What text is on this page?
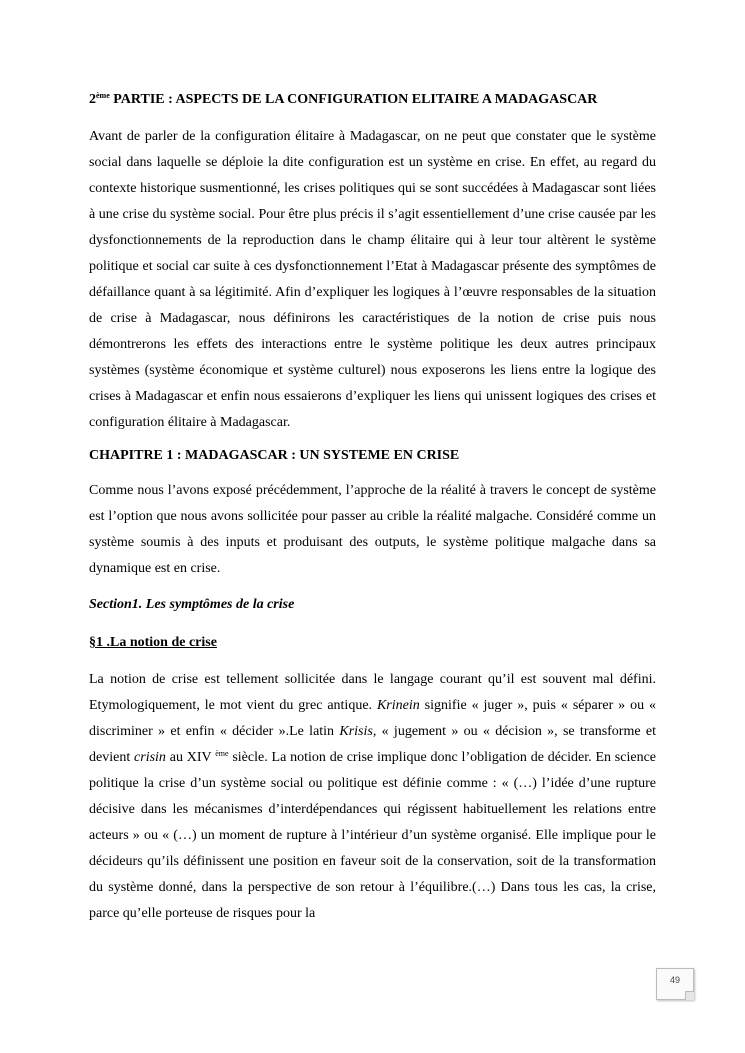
2ème PARTIE : ASPECTS DE LA CONFIGURATION ELITAIRE A MADAGASCAR

Avant de parler de la configuration élitaire à Madagascar, on ne peut que constater que le système social dans laquelle se déploie la dite configuration est un système en crise. En effet, au regard du contexte historique susmentionné, les crises politiques qui se sont succédées à Madagascar sont liées à une crise du système social. Pour être plus précis il s’agit essentiellement d’une crise causée par les dysfonctionnements de la reproduction dans le champ élitaire qui à leur tour altèrent le système politique et social car suite à ces dysfonctionnement l’Etat à Madagascar présente des symptômes de défaillance quant à sa légitimité. Afin d’expliquer les logiques à l’œuvre responsables de la situation de crise à Madagascar, nous définirons les caractéristiques de la notion de crise puis nous démontrerons les effets des interactions entre le système politique les deux autres principaux systèmes (système économique et système culturel) nous exposerons les liens entre la logique des crises à Madagascar et enfin nous essaierons d’expliquer les liens qui unissent logiques des crises et configuration élitaire à Madagascar.

CHAPITRE 1 : MADAGASCAR : UN SYSTEME EN CRISE

Comme nous l’avons exposé précédemment, l’approche de la réalité à travers le concept de système est l’option que nous avons sollicitée pour passer au crible la réalité malgache. Considéré comme un système soumis à des inputs et produisant des outputs, le système politique malgache dans sa dynamique est en crise.

Section1. Les symptômes de la crise

§1 .La notion de crise

La notion de crise est tellement sollicitée dans le langage courant qu’il est souvent mal défini. Etymologiquement, le mot vient du grec antique. Krinein signifie « juger », puis « séparer » ou « discriminer » et enfin « décider ».Le latin Krisis, « jugement » ou « décision », se transforme et devient crisin au XIV $^{ème}$ siècle. La notion de crise implique donc l’obligation de décider. En science politique la crise d’un système social ou politique est définie comme : « (…) l’idée d’une rupture décisive dans les mécanismes d’interdépendances qui régissent habituellement les relations entre acteurs » ou « (…) un moment de rupture à l’intérieur d’un système organisé. Elle implique pour le décideurs qu’ils définissent une position en faveur soit de la conservation, soit de la transformation du système donné, dans la perspective de son retour à l’équilibre.(…) Dans tous les cas, la crise, parce qu’elle porteuse de risques pour la

49
